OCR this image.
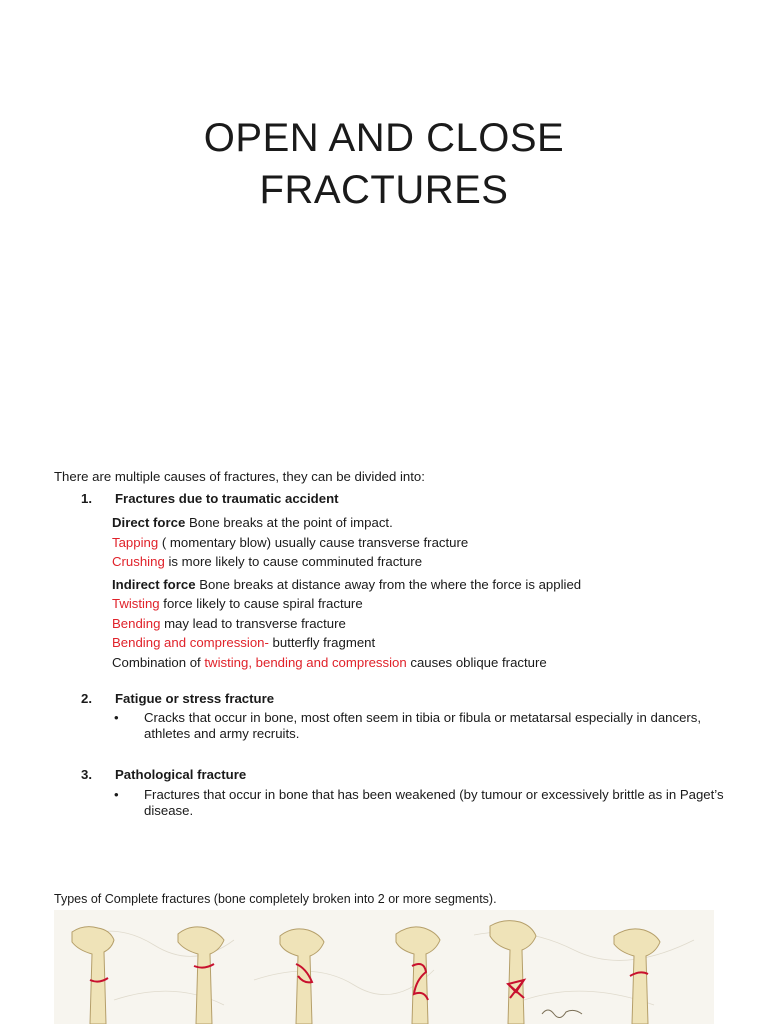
OPEN AND CLOSE
FRACTURES

There are multiple causes of fractures, they can be divided into:

1.	Fractures due to traumatic accident
Direct force Bone breaks at the point of impact.
Tapping ( momentary blow) usually cause transverse fracture
Crushing is more likely to cause comminuted fracture
Indirect force Bone breaks at distance away from the where the force is applied
Twisting force likely to cause spiral fracture
Bending may lead to transverse fracture
Bending and compression- butterfly fragment
Combination of twisting, bending and compression causes oblique fracture
2.	Fatigue or stress fracture
•	Cracks that occur in bone, most often seem in tibia or fibula or metatarsal especially in dancers, athletes and army recruits.
3.	Pathological fracture
•	Fractures that occur in bone that has been weakened (by tumour or excessively brittle as in Paget’s disease.
Types of Complete fractures (bone completely broken into 2 or more segments).
